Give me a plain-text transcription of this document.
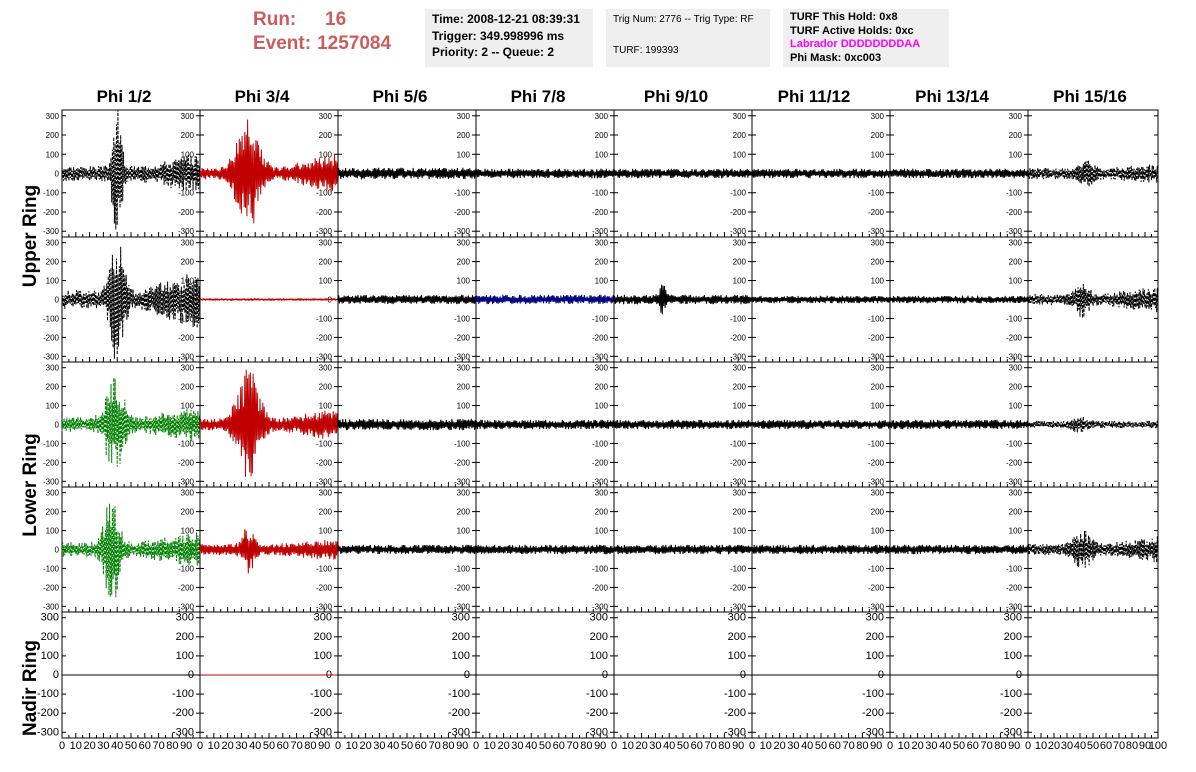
Run:	16
Event: 1257084
Time: 2008-12-21 08:39:31
Trigger: 349.998996 ms
Priority: 2 -- Queue: 2
Trig Num: 2776 -- Trig Type: RF
TURF: 199393
TURF This Hold: 0x8
TURF Active Holds: 0xc
Labrador DDDDDDDDAA
Phi Mask: 0xc003
Phi 1/2	Phi 3/4	Phi 5/6	Phi 7/8	Phi 9/10	Phi 11/12	Phi 13/14	Phi 15/16
Upper Ring
Lower Ring
Nadir Ring
-300
-300
-200
-200
-100
-100
0
0
100
100
200
200
300
300
-300
-200
-100
0
100
200
300
-300
-200
-100
0
100
200
300
-300
-200
-100
0
100
200
300
-300
-200
-100
0
100
200
300
-300
-200
-100
0
100
200
300
-300
-200
-100
0
100
200
300
-300
-300
-200
-200
-100
-100
0
0
100
100
200
200
300
300
-300
-200
-100
0
100
200
300
-300
-200
-100
0
100
200
300
-300
-200
-100
0
100
200
300
-300
-200
-100
0
100
200
300
-300
-200
-100
0
100
200
300
-300
-200
-100
0
100
200
300
-300
-300
-200
-200
-100
-100
0
0
100
100
200
200
300
300
-300
-200
-100
0
100
200
300
-300
-200
-100
0
100
200
300
-300
-200
-100
0
100
200
300
-300
-200
-100
0
100
200
300
-300
-200
-100
0
100
200
300
-300
-200
-100
0
100
200
300
-300
-300
-200
-200
-100
-100
0
0
100
100
200
200
300
300
-300
-200
-100
0
100
200
300
-300
-200
-100
0
100
200
300
-300
-200
-100
0
100
200
300
-300
-200
-100
0
100
200
300
-300
-200
-100
0
100
200
300
-300
-200
-100
0
100
200
300
-300
-300
-200
-200
-100
-100
0
0
100
100
200
200
300
300
0 10 20 30 40 50 60 70 80 90
-300
-200
-100
0
100
200
300
0 10 20 30 40 50 60 70 80 90
-300
-200
-100
0
100
200
300
0 10 20 30 40 50 60 70 80 90
-300
-200
-100
0
100
200
300
0 10 20 30 40 50 60 70 80 90
-300
-200
-100
0
100
200
300
0 10 20 30 40 50 60 70 80 90
-300
-200
-100
0
100
200
300
0 10 20 30 40 50 60 70 80 90
-300
-200
-100
0
100
200
300
0 10 20 30 40 50 60 70 80 90 0 10 20 30 40 50 60 70 80 90
100
